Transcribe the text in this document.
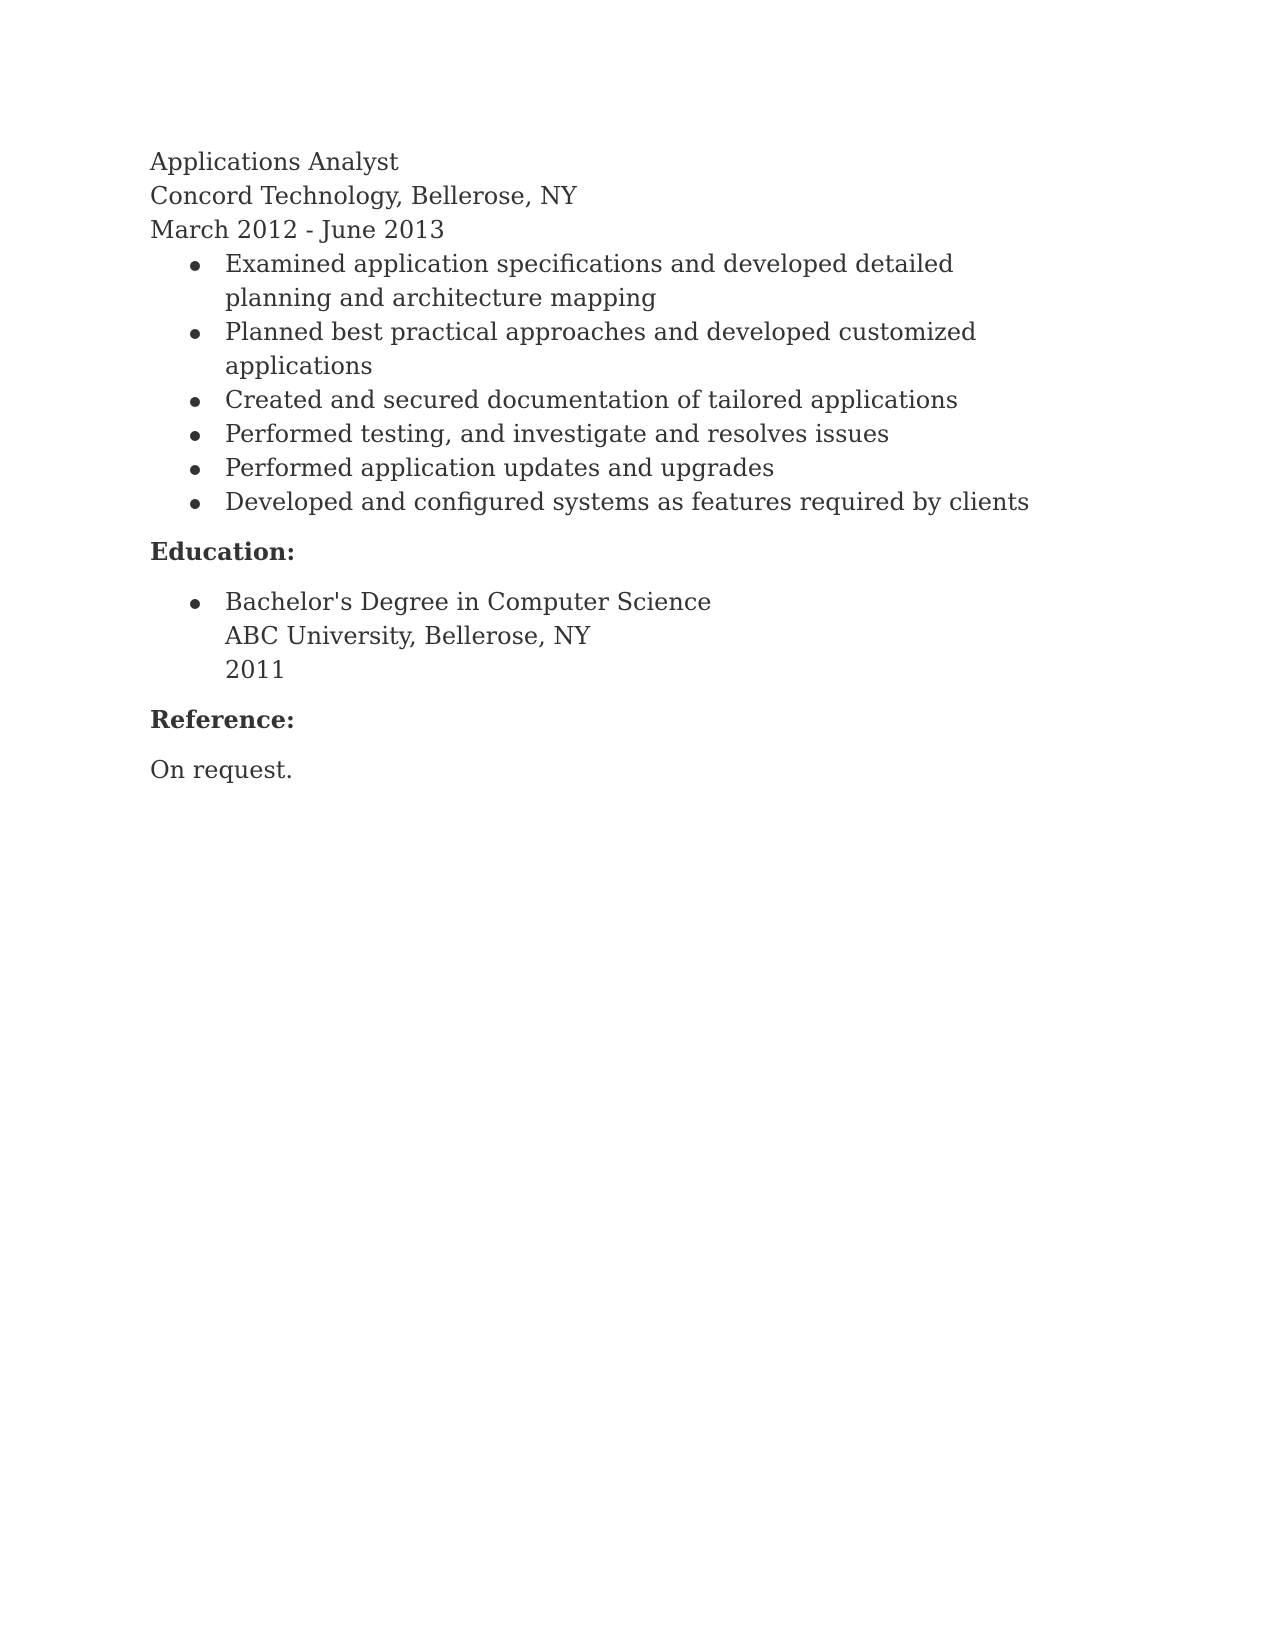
Applications Analyst

Concord Technology, Bellerose, NY

March 2012 - June 2013

Examined application specifications and developed detailed planning and architecture mapping
Planned best practical approaches and developed customized applications
Created and secured documentation of tailored applications
Performed testing, and investigate and resolves issues
Performed application updates and upgrades
Developed and configured systems as features required by clients

Education:

Bachelor's Degree in Computer Science
ABC University, Bellerose, NY
2011

Reference:

On request.
